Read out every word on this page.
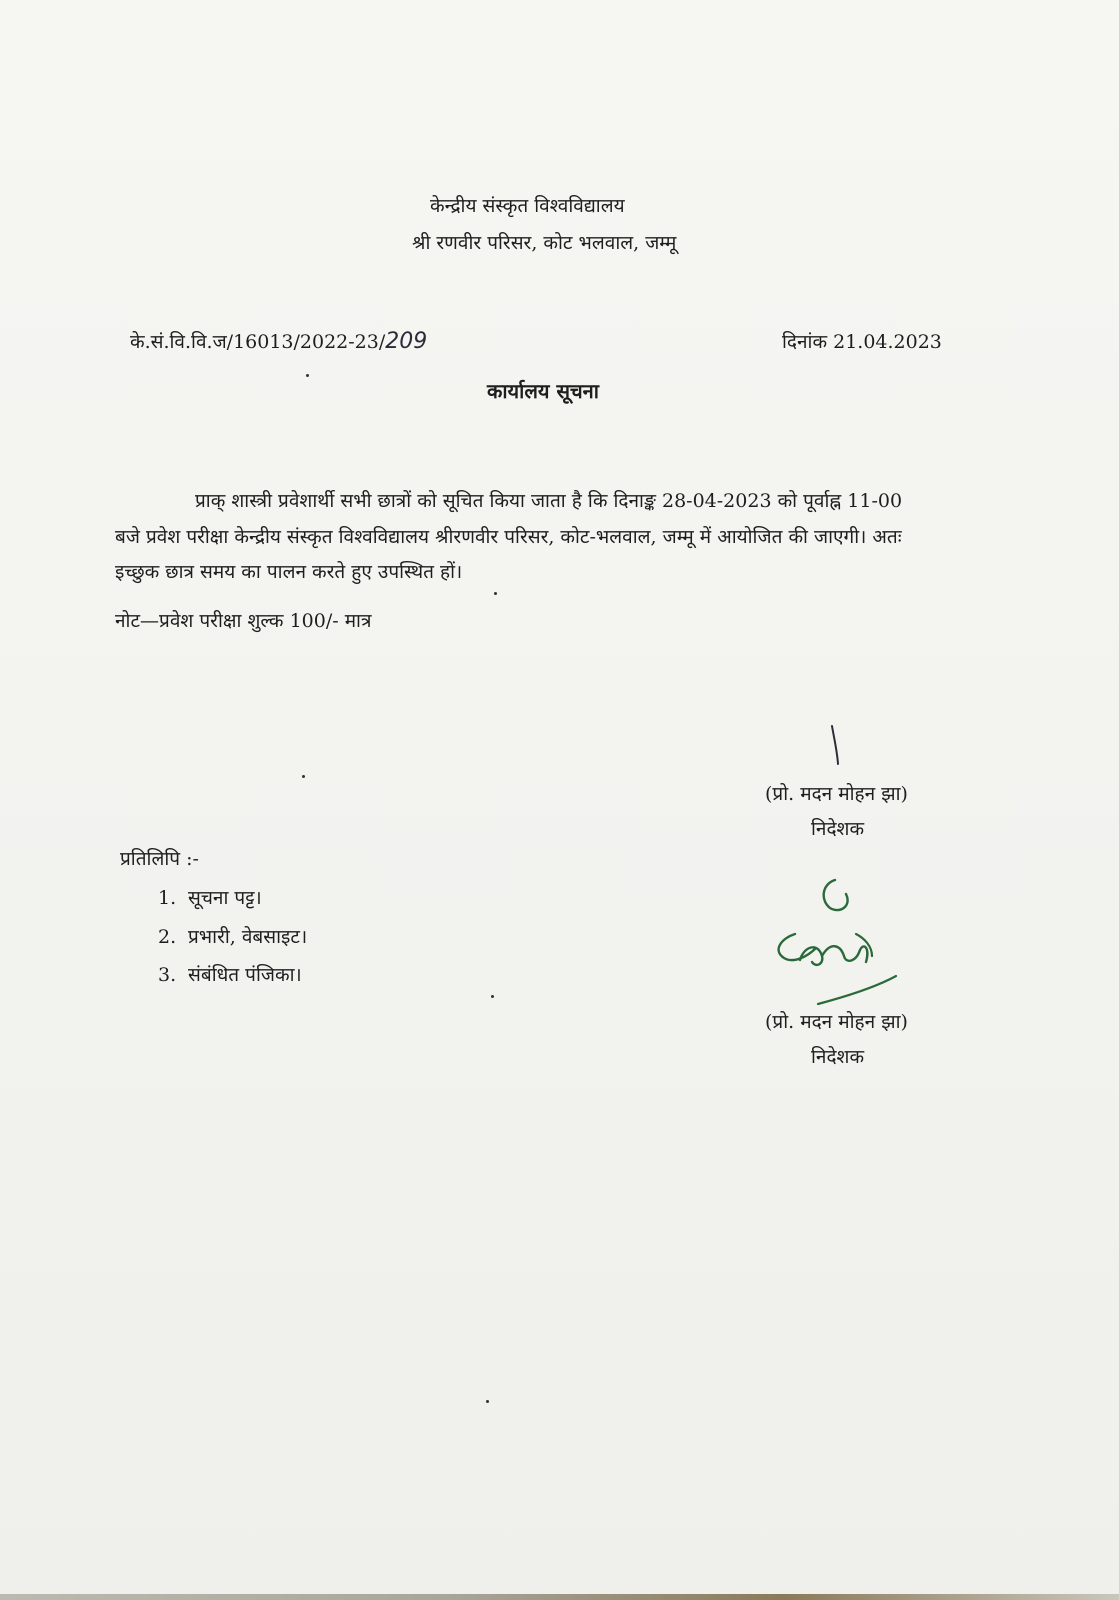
केन्द्रीय संस्कृत विश्वविद्यालय
श्री रणवीर परिसर, कोट भलवाल, जम्मू
के.सं.वि.वि.ज/16013/2022-23/209	दिनांक 21.04.2023
कार्यालय सूचना
प्राक् शास्त्री प्रवेशार्थी सभी छात्रों को सूचित किया जाता है कि दिनाङ्क 28-04-2023 को पूर्वाह्न 11-00
बजे प्रवेश परीक्षा केन्द्रीय संस्कृत विश्वविद्यालय श्रीरणवीर परिसर, कोट-भलवाल, जम्मू में आयोजित की जाएगी। अतः
इच्छुक छात्र समय का पालन करते हुए उपस्थित हों।
नोट—प्रवेश परीक्षा शुल्क 100/- मात्र
(प्रो. मदन मोहन झा)
निदेशक
प्रतिलिपि :-
1. सूचना पट्ट।
2. प्रभारी, वेबसाइट।
3. संबंधित पंजिका।
(प्रो. मदन मोहन झा)
निदेशक
